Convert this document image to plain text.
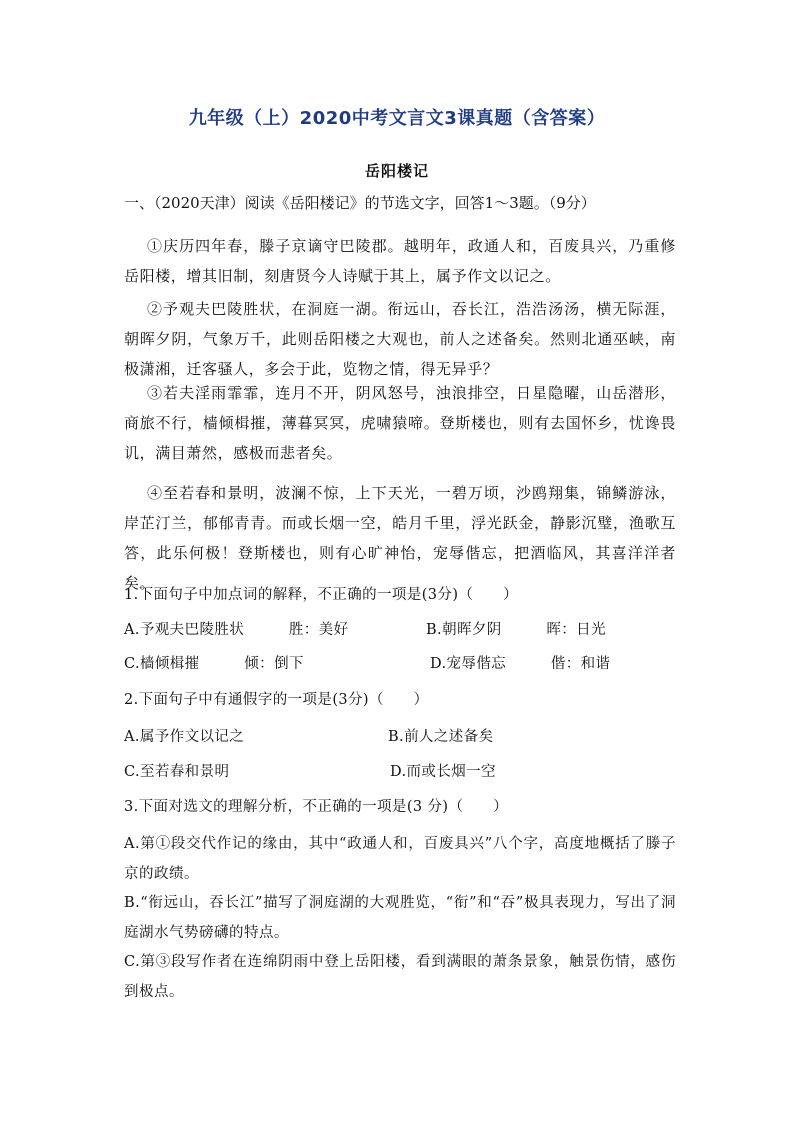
九年级（上）2020中考文言文3课真题（含答案）
岳阳楼记
一、（2020天津）阅读《岳阳楼记》的节选文字，回答1～3题。（9分）
①庆历四年春，滕子京谪守巴陵郡。越明年，政通人和，百废具兴，乃重修岳阳楼，增其旧制，刻唐贤今人诗赋于其上，属予作文以记之。
②予观夫巴陵胜状，在洞庭一湖。衔远山，吞长江，浩浩汤汤，横无际涯，朝晖夕阴，气象万千，此则岳阳楼之大观也，前人之述备矣。然则北通巫峡，南极潇湘，迁客骚人，多会于此，览物之情，得无异乎？
③若夫淫雨霏霏，连月不开，阴风怒号，浊浪排空，日星隐曜，山岳潜形，商旅不行，樯倾楫摧，薄暮冥冥，虎啸猿啼。登斯楼也，则有去国怀乡，忧谗畏讥，满目萧然，感极而悲者矣。
④至若春和景明，波澜不惊，上下天光，一碧万顷，沙鸥翔集，锦鳞游泳，岸芷汀兰，郁郁青青。而或长烟一空，皓月千里，浮光跃金，静影沉璧，渔歌互答，此乐何极！登斯楼也，则有心旷神怡，宠辱偕忘，把酒临风，其喜洋洋者矣。
1.下面句子中加点词的解释，不正确的一项是(3分)（　　）
A.予观夫巴陵胜状　　　胜：美好	B.朝晖夕阴　　　晖：日光
C.樯倾楫摧　　　倾：倒下	D.宠辱偕忘　　　偕：和谐
2.下面句子中有通假字的一项是(3分)（　　）
A.属予作文以记之	B.前人之述备矣
C.至若春和景明	D.而或长烟一空
3.下面对选文的理解分析，不正确的一项是(3 分)（　　）
A.第①段交代作记的缘由，其中“政通人和，百废具兴”八个字，高度地概括了滕子京的政绩。
B.“衔远山，吞长江”描写了洞庭湖的大观胜览，“衔”和“吞”极具表现力，写出了洞庭湖水气势磅礴的特点。
C.第③段写作者在连绵阴雨中登上岳阳楼，看到满眼的萧条景象，触景伤情，感伤到极点。
